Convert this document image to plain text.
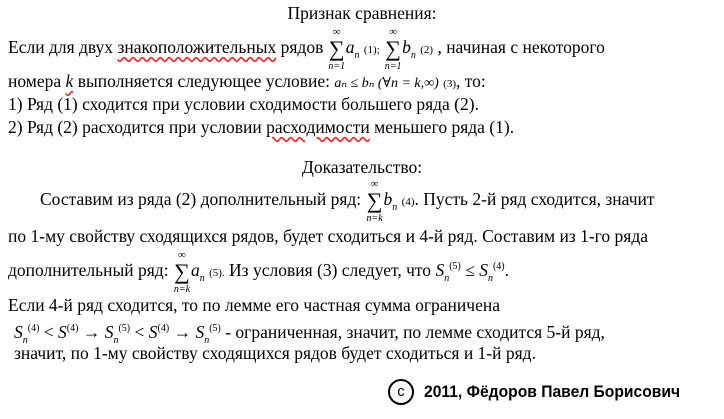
Признак сравнения:
Если для двух знакоположительных рядов
∞
∑
n=1
$a_n$ (1);
∞
∑
n=1
$b_n$ (2) , начиная с некоторого
номера k выполняется следующее условие: aₙ ≤ bₙ (∀n = k,∞) (3), то:
1) Ряд (1) сходится при условии сходимости большего ряда (2).
2) Ряд (2) расходится при условии расходимости меньшего ряда (1).
Доказательство:
Составим из ряда (2) дополнительный ряд:
∞
∑
n=k
$b_n$ (4). Пусть 2-й ряд сходится, значит
по 1-му свойству сходящихся рядов, будет сходиться и 4-й ряд. Составим из 1-го ряда
дополнительный ряд:
∞
∑
n=k
$a_n$ (5). Из условия (3) следует, что $S_n^{(5)} \le S_n^{(4)}$.
Если 4-й ряд сходится, то по лемме его частная сумма ограничена
$S_n^{(4)} < S^{(4)} \to S_n^{(5)} < S^{(4)} \to S_n^{(5)}$ - ограниченная, значит, по лемме сходится 5-й ряд,
значит, по 1-му свойству сходящихся рядов будет сходиться и 1-й ряд.
с	2011, Фёдоров Павел Борисович
